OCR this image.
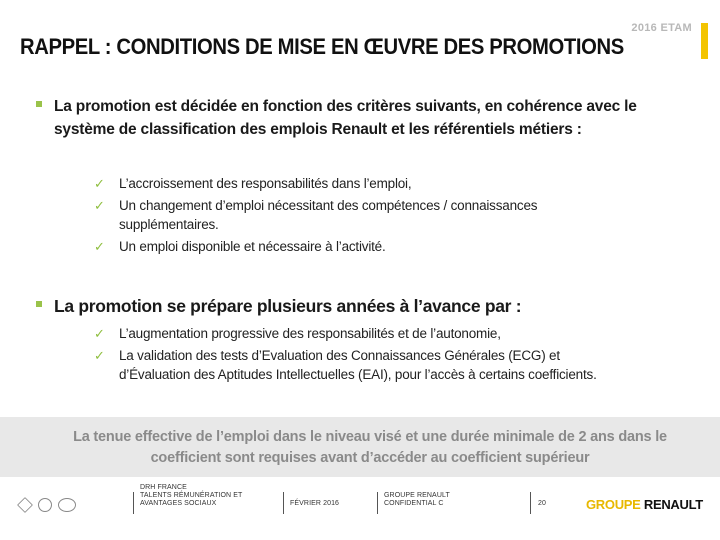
2016 ETAM
RAPPEL : CONDITIONS DE MISE EN ŒUVRE DES PROMOTIONS
La promotion est décidée en fonction des critères suivants, en cohérence avec le système de classification des emplois Renault et les référentiels métiers :
✓	L’accroissement des responsabilités dans l’emploi,
✓	Un changement d’emploi nécessitant des compétences / connaissances supplémentaires.
✓	Un emploi disponible et nécessaire à l’activité.
La promotion se prépare plusieurs années à l’avance par :
✓	L’augmentation progressive des responsabilités et de l’autonomie,
✓	La validation des tests d’Evaluation des Connaissances Générales (ECG) et d’Évaluation des Aptitudes Intellectuelles (EAI), pour l’accès à certains coefficients.
La tenue effective de l’emploi dans le niveau visé et une durée minimale de 2 ans dans le coefficient sont requises avant d’accéder au coefficient supérieur
DRH FRANCE
TALENTS RÉMUNÉRATION ET
AVANTAGES SOCIAUX	FÉVRIER 2016
GROUPE RENAULT
CONFIDENTIAL C	20	GROUPE RENAULT
